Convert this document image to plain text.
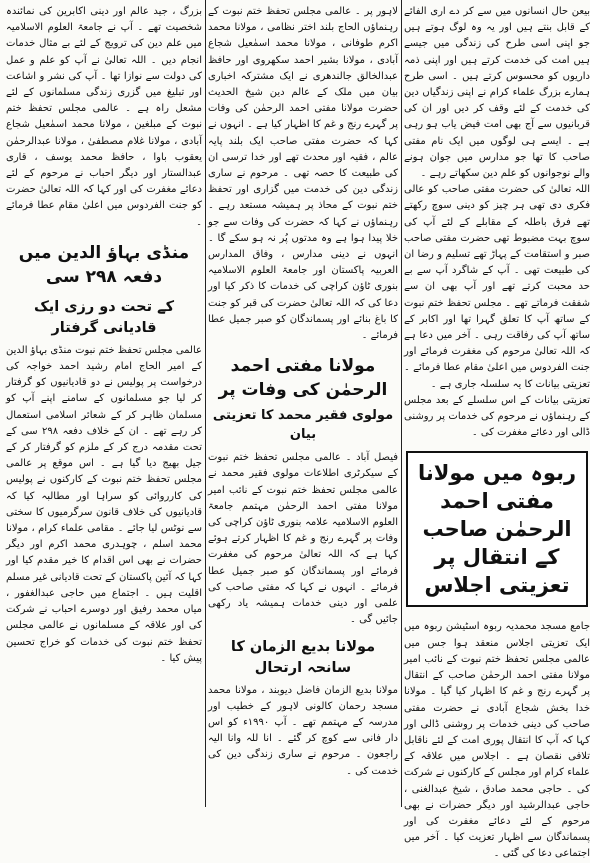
بیعن حال انسانوں میں سے کر دے اری الفائے کے قابل بنتے ہیں اور یہ وہ لوگ ہوتے ہیں جو اپنی اسی طرح کی زندگی میں جیسے ہیں امت کی خدمت کرتے ہیں اور اپنی ذمہ داریوں کو محسوس کرتے ہیں ۔ اسی طرح ہمارے بزرگ علماء کرام نے اپنی زندگیاں دین کی خدمت کے لئے وقف کر دیں اور ان کی قربانیوں سے آج بھی امت فیض یاب ہو رہی ہے ۔ ایسے ہی لوگوں میں ایک نام مفتی صاحب کا تھا جو مدارس میں جوان ہونے والے نوجوانوں کو علم دین سکھاتے رہے ۔

اللہ تعالیٰ کی حضرت مفتی صاحب کو عالی فکری دی تھی ہر چیز کو دینی سوچ رکھتے تھے فرق باطلہ کے مقابلے کے لئے آپ کی سوچ بہت مضبوط تھی حضرت مفتی صاحب صبر و استقامت کے پہاڑ تھے تسلیم و رضا ان کی طبیعت تھی ۔ آپ کے شاگرد آپ سے بے حد محبت کرتے تھے اور آپ بھی ان سے شفقت فرماتے تھے ۔ مجلس تحفظ ختم نبوت کے ساتھ آپ کا تعلق گہرا تھا اور اکابر کے ساتھ آپ کی رفاقت رہی ۔ آخر میں دعا ہے کہ اللہ تعالیٰ مرحوم کی مغفرت فرمائے اور جنت الفردوس میں اعلیٰ مقام عطا فرمائے ۔ تعزیتی بیانات کا یہ سلسلہ جاری ہے ۔

تعزیتی بیانات کے اس سلسلے کے بعد مجلس کے رہنماؤں نے مرحوم کی خدمات پر روشنی ڈالی اور دعائے مغفرت کی ۔

ربوہ میں مولانا مفتی احمد الرحمٰن صاحب کے انتقال پر تعزیتی اجلاس

جامع مسجد محمدیہ ربوہ اسٹیشن ربوہ میں ایک تعزیتی اجلاس منعقد ہوا جس میں عالمی مجلس تحفظ ختم نبوت کے نائب امیر مولانا مفتی احمد الرحمٰن صاحب کے انتقال پر گہرے رنج و غم کا اظہار کیا گیا ۔ مولانا خدا بخش شجاع آبادی نے حضرت مفتی صاحب کی دینی خدمات پر روشنی ڈالی اور کہا کہ آپ کا انتقال پوری امت کے لئے ناقابل تلافی نقصان ہے ۔ اجلاس میں علاقہ کے علماء کرام اور مجلس کے کارکنوں نے شرکت کی ۔ حاجی محمد صادق ، شیخ عبدالغنی ، حاجی عبدالرشید اور دیگر حضرات نے بھی مرحوم کے لئے دعائے مغفرت کی اور پسماندگان سے اظہار تعزیت کیا ۔ آخر میں اجتماعی دعا کی گئی ۔

لاہور پر ۔ عالمی مجلس تحفظ ختم نبوت کے رہنماؤں الحاج بلند اختر نظامی ، مولانا محمد اکرم طوفانی ، مولانا محمد اسمٰعیل شجاع آبادی ، مولانا بشیر احمد سکھروی اور حافظ عبدالخالق جالندھری نے ایک مشترکہ اخباری بیان میں ملک کے عالم دین شیخ الحدیث حضرت مولانا مفتی احمد الرحمٰن کی وفات پر گہرے رنج و غم کا اظہار کیا ہے ۔ انہوں نے کہا کہ حضرت مفتی صاحب ایک بلند پایہ عالم ، فقیہ اور محدث تھے اور خدا ترسی ان کی طبیعت کا حصہ تھی ۔ مرحوم نے ساری زندگی دین کی خدمت میں گزاری اور تحفظ ختم نبوت کے محاذ پر ہمیشہ مستعد رہے ۔ رہنماؤں نے کہا کہ حضرت کی وفات سے جو خلا پیدا ہوا ہے وہ مدتوں پُر نہ ہو سکے گا ۔ انہوں نے دینی مدارس ، وفاق المدارس العربیہ پاکستان اور جامعۃ العلوم الاسلامیہ بنوری ٹاؤن کراچی کی خدمات کا ذکر کیا اور دعا کی کہ اللہ تعالیٰ حضرت کی قبر کو جنت کا باغ بنائے اور پسماندگان کو صبر جمیل عطا فرمائے ۔

مولانا مفتی احمد الرحمٰن کی وفات پر
مولوی فقیر محمد کا تعزیتی بیان

فیصل آباد ۔ عالمی مجلس تحفظ ختم نبوت کے سیکرٹری اطلاعات مولوی فقیر محمد نے عالمی مجلس تحفظ ختم نبوت کے نائب امیر مولانا مفتی احمد الرحمٰن مہتمم جامعۃ العلوم الاسلامیہ علامہ بنوری ٹاؤن کراچی کی وفات پر گہرے رنج و غم کا اظہار کرتے ہوئے کہا ہے کہ اللہ تعالیٰ مرحوم کی مغفرت فرمائے اور پسماندگان کو صبر جمیل عطا فرمائے ۔ انہوں نے کہا کہ مفتی صاحب کی علمی اور دینی خدمات ہمیشہ یاد رکھی جائیں گی ۔

مولانا بدیع الزمان کا سانحہ ارتحال

مولانا بدیع الزمان فاضل دیوبند ، مولانا محمد مسجد رحمان کالونی لاہور کے خطیب اور مدرسہ کے مہتمم تھے ۔ آپ ۱۹۹۰ء کو اس دار فانی سے کوچ کر گئے ۔ انا للہ وانا الیہ راجعون ۔ مرحوم نے ساری زندگی دین کی خدمت کی ۔

بزرگ ، جید عالم اور دینی اکابرین کی نمائندہ شخصیت تھے ۔ آپ نے جامعۃ العلوم الاسلامیہ میں علم دین کی ترویج کے لئے بے مثال خدمات انجام دیں ۔ اللہ تعالیٰ نے آپ کو علم و عمل کی دولت سے نوازا تھا ۔ آپ کی نشر و اشاعت اور تبلیغ میں گزری زندگی مسلمانوں کے لئے مشعل راہ ہے ۔ عالمی مجلس تحفظ ختم نبوت کے مبلغین ، مولانا محمد اسمٰعیل شجاع آبادی ، مولانا غلام مصطفیٰ ، مولانا عبدالرحمٰن یعقوب باوا ، حافظ محمد یوسف ، قاری عبدالستار اور دیگر احباب نے مرحوم کے لئے دعائے مغفرت کی اور کہا کہ اللہ تعالیٰ حضرت کو جنت الفردوس میں اعلیٰ مقام عطا فرمائے ۔

منڈی بہاؤ الدین میں دفعہ ۲۹۸ سی
کے تحت دو رزی ایک قادیانی گرفتار

عالمی مجلس تحفظ ختم نبوت منڈی بہاؤ الدین کے امیر الحاج امام رشید احمد خواجہ کی درخواست پر پولیس نے دو قادیانیوں کو گرفتار کر لیا جو مسلمانوں کے سامنے اپنے آپ کو مسلمان ظاہر کر کے شعائر اسلامی استعمال کر رہے تھے ۔ ان کے خلاف دفعہ ۲۹۸ سی کے تحت مقدمہ درج کر کے ملزم کو گرفتار کر کے جیل بھیج دیا گیا ہے ۔ اس موقع پر عالمی مجلس تحفظ ختم نبوت کے کارکنوں نے پولیس کی کارروائی کو سراہا اور مطالبہ کیا کہ قادیانیوں کی خلاف قانون سرگرمیوں کا سختی سے نوٹس لیا جائے ۔ مقامی علماء کرام ، مولانا محمد اسلم ، چوہدری محمد اکرم اور دیگر حضرات نے بھی اس اقدام کا خیر مقدم کیا اور کہا کہ آئین پاکستان کے تحت قادیانی غیر مسلم اقلیت ہیں ۔ اجتماع میں حاجی عبدالغفور ، میاں محمد رفیق اور دوسرے احباب نے شرکت کی اور علاقہ کے مسلمانوں نے عالمی مجلس تحفظ ختم نبوت کی خدمات کو خراج تحسین پیش کیا ۔
